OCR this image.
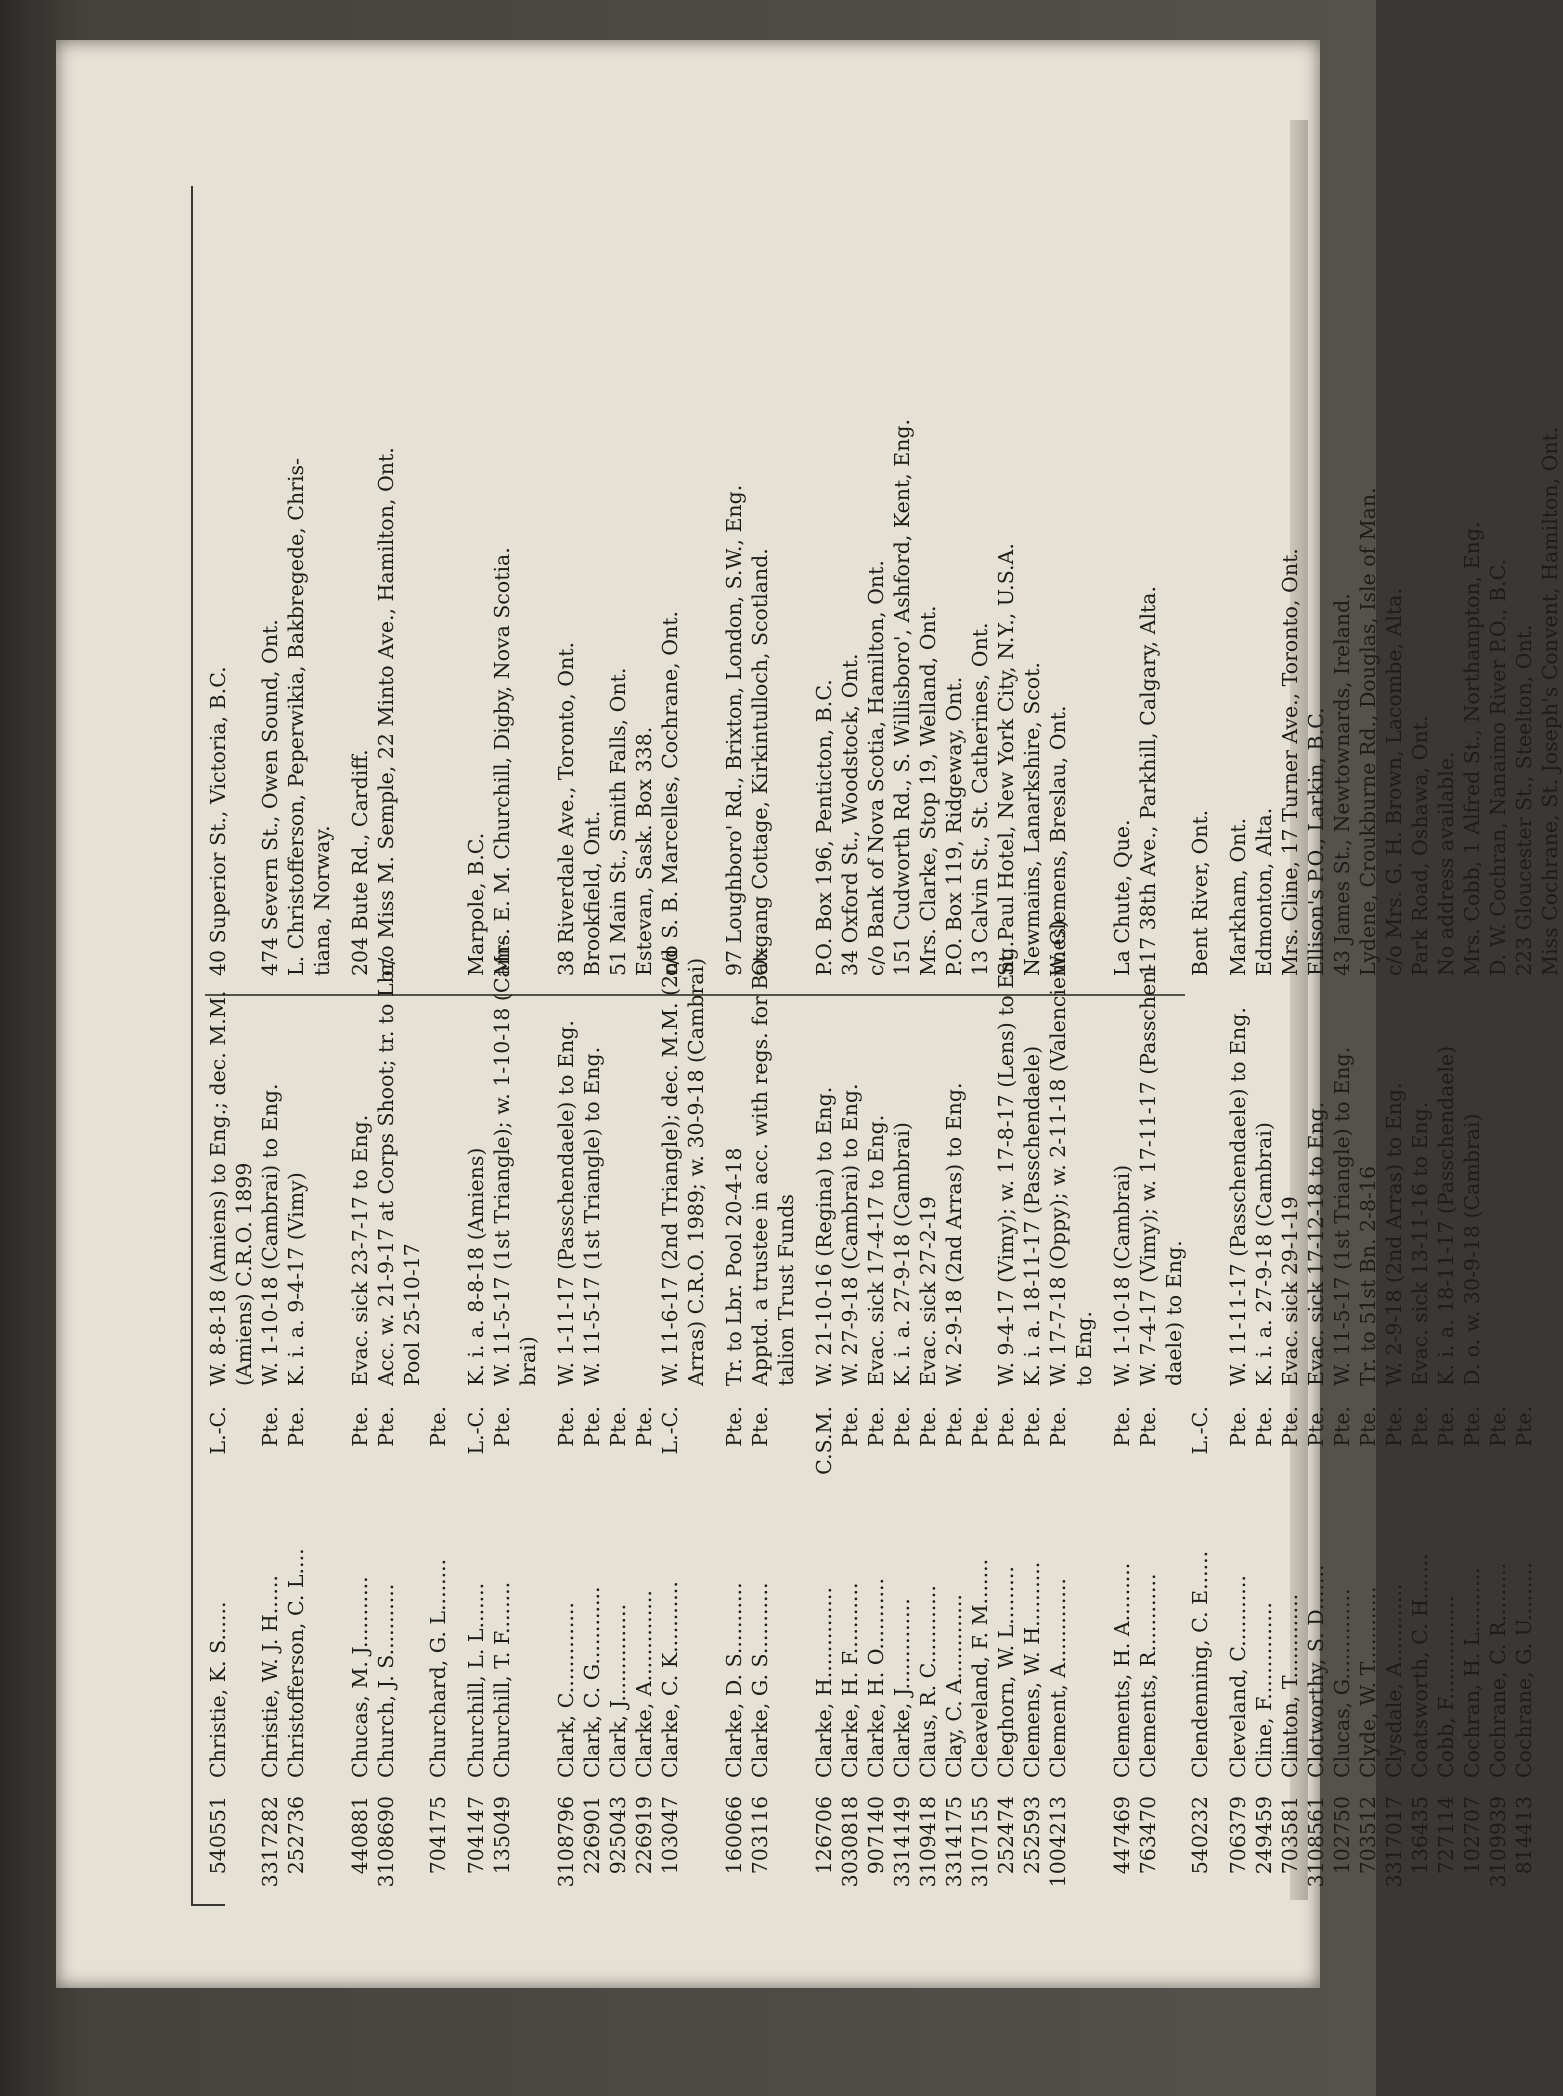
540551
Christie, K. S......
L.-C.
W. 8-8-18 (Amiens) to Eng.; dec. M.M. (Amiens) C.R.O. 1899
40 Superior St., Victoria, B.C.
3317282
Christie, W. J. H......
Pte.
W. 1-10-18 (Cambrai) to Eng.
474 Severn St., Owen Sound, Ont.
252736
Christofferson, C. L....
Pte.
K. i. a. 9-4-17 (Vimy)
L. Christofferson, Peperwikia, Bakbregede, Chris- tiana, Norway.
440881
Chucas, M. J...........
Pte.
Evac. sick 23-7-17 to Eng.
204 Bute Rd., Cardiff.
3108690
Church, J. S...........
Pte.
Acc. w. 21-9-17 at Corps Shoot; tr. to Lbr. Pool 25-10-17
c/o Miss M. Semple, 22 Minto Ave., Hamilton, Ont.
704175
Churchard, G. L........
Pte.
704147
Churchill, L. L.......
L.-C.
K. i. a. 8-8-18 (Amiens)
Marpole, B.C.
135049
Churchill, T. F........
Pte.
W. 11-5-17 (1st Triangle); w. 1-10-18 (Cam- brai)
Mrs. E. M. Churchill, Digby, Nova Scotia.
3108796
Clark, C..............
Pte.
W. 1-11-17 (Passchendaele) to Eng.
38 Riverdale Ave., Toronto, Ont.
226901
Clark, C. G............
Pte.
W. 11-5-17 (1st Triangle) to Eng.
Brookfield, Ont.
925043
Clark, J...............
Pte.
51 Main St., Smith Falls, Ont.
226919
Clarke, A..............
Pte.
Estevan, Sask. Box 338.
103047
Clarke, C. K...........
L.-C.
W. 11-6-17 (2nd Triangle); dec. M.M. (2nd Arras) C.R.O. 1989; w. 30-9-18 (Cambrai)
c/o S. B. Marcelles, Cochrane, Ont.
160066
Clarke, D. S...........
Pte.
Tr. to Lbr. Pool 20-4-18
97 Loughboro' Rd., Brixton, London, S.W., Eng.
703116
Clarke, G. S...........
Pte.
Apptd. a trustee in acc. with regs. for Bat- talion Trust Funds
Oxgang Cottage, Kirkintulloch, Scotland.
126706
Clarke, H..............
C.S.M.
W. 21-10-16 (Regina) to Eng.
P.O. Box 196, Penticton, B.C.
3030818
Clarke, H. F...........
Pte.
W. 27-9-18 (Cambrai) to Eng.
34 Oxford St., Woodstock, Ont.
907140
Clarke, H. O...........
Pte.
Evac. sick 17-4-17 to Eng.
c/o Bank of Nova Scotia, Hamilton, Ont.
3314149
Clarke, J..............
Pte.
K. i. a. 27-9-18 (Cambrai)
151 Cudworth Rd., S. Willisboro', Ashford, Kent, Eng.
3109418
Claus, R. C............
Pte.
Evac. sick 27-2-19
Mrs. Clarke, Stop 19, Welland, Ont.
3314175
Clay, C. A.............
Pte.
W. 2-9-18 (2nd Arras) to Eng.
P.O. Box 119, Ridgeway, Ont.
3107155
Cleaveland, F. M.......
Pte.
13 Calvin St., St. Catherines, Ont.
252474
Cleghorn, W. L.........
Pte.
W. 9-4-17 (Vimy); w. 17-8-17 (Lens) to Eng.
St. Paul Hotel, New York City, N.Y., U.S.A.
252593
Clemens, W. H..........
Pte.
K. i. a. 18-11-17 (Passchendaele)
Newmains, Lanarkshire, Scot.
1004213
Clement, A.............
Pte.
W. 17-7-18 (Oppy); w. 2-11-18 (Valenciennes) to Eng.
W. Clemens, Breslau, Ont.
447469
Clements, H. A.........
Pte.
W. 1-10-18 (Cambrai)
La Chute, Que.
763470
Clements, R............
Pte.
W. 7-4-17 (Vimy); w. 17-11-17 (Passchen- daele) to Eng.
117 38th Ave., Parkhill, Calgary, Alta.
540232
Clendenning, C. E......
L.-C.
Bent River, Ont.
706379
Cleveland, C...........
Pte.
W. 11-11-17 (Passchendaele) to Eng.
Markham, Ont.
249459
Cline, F...............
Pte.
K. i. a. 27-9-18 (Cambrai)
Edmonton, Alta.
703581
Clinton, T.............
Pte.
Evac. sick 29-1-19
Mrs. Cline, 17 Turner Ave., Toronto, Ont.
3108561
Clotworthy, S. D.......
Pte.
Evac. sick 17-12-18 to Eng.
Ellison's P.O., Larkin, B.C.
102750
Clucas, G..............
Pte.
W. 11-5-17 (1st Triangle) to Eng.
43 James St., Newtownards, Ireland.
703512
Clyde, W. T............
Pte.
Tr. to 51st Bn. 2-8-16
Lydene, Croukburne Rd., Douglas, Isle of Man.
3317017
Clysdale, A............
Pte.
W. 2-9-18 (2nd Arras) to Eng.
c/o Mrs. G. H. Brown, Lacombe, Alta.
136435
Coatsworth, C. H.......
Pte.
Evac. sick 13-11-16 to Eng.
Park Road, Oshawa, Ont.
727114
Cobb, F................
Pte.
K. i. a. 18-11-17 (Passchendaele)
No address available.
102707
Cochran, H. L..........
Pte.
D. o. w. 30-9-18 (Cambrai)
Mrs. Cobb, 1 Alfred St., Northampton, Eng.
3109939
Cochrane, C. R.........
Pte.
D. W. Cochran, Nanaimo River P.O., B.C.
814413
Cochrane, G. U.........
Pte.
223 Gloucester St., Steelton, Ont. Miss Cochrane, St. Joseph's Convent, Hamilton, Ont.
